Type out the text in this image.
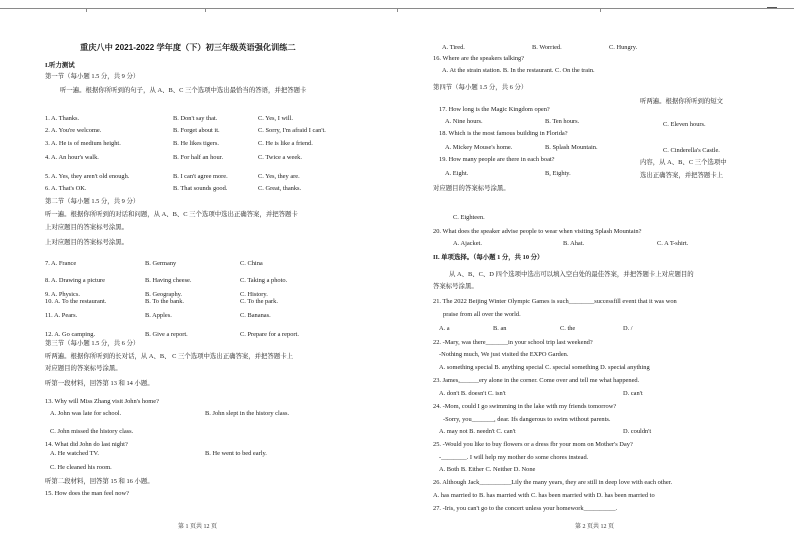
重庆八中 2021-2022 学年度（下）初三年级英语强化训练二
I.听力测试
第一节（每小题 1.5 分，共 9 分）
听一遍。根据你所听到的句子，从 A、B、C 三个选项中选出最恰当的答语，并把答题卡
1. A. Thanks.	B. Don't say that.	C. Yes, I will.
2. A. You're welcome.	B. Forget about it.	C. Sorry, I'm afraid I can't.
3. A. He is of medium height.	B. He likes tigers.	C. He is like a friend.
4. A. An hour's walk.	B. For half an hour.	C. Twice a week.
5. A. Yes, they aren't old enough.	B. I can't agree more.	C. Yes, they are.
6. A. That's OK.	B. That sounds good.	C. Great, thanks.
第二节（每小题 1.5 分，共 9 分）
听一遍。根据你所听到的对话和问题，从 A、B、C 三个选项中选出正确答案，并把答题卡
上对应题目的答案标号涂黑。
上对应题目的答案标号涂黑。
7. A. France	B. Germany	C. China
8. A. Drawing a picture	B. Having cheese.	C. Taking a photo.
9. A. Physics.	B. Geography.	C. History.
10. A. To the restaurant.	B. To the bank.	C. To the park.
11. A. Pears.	B. Apples.	C. Bananas.
12. A. Go camping.	B. Give a report.	C. Prepare for a report.
第三节（每小题 1.5 分，共 6 分）
听两遍。根据你所听到的长对话，从 A、B、 C 三个选项中选出正确答案，并把答题卡上
对应题目的答案标号涂黑。
听第一段材料，回答第 13 和 14 小题。
13. Why will Miss Zhang visit John's home?
A. John was late for school.	B. John slept in the history class.
C. John missed the history class.
14. What did John do last night?
A. He watched TV.	B. He went to bed early.
C. He cleaned his room.
听第二段材料，回答第 15 和 16 小题。
15. How does the man feel now?
第 1 页共 12 页
A. Tired.	B. Worried.	C. Hungry.
16. Where are the speakers talking?
A. At the strain station. B. In the restaurant. C. On the train.
第四节（每小题 1.5 分，共 6 分）
听两遍。根据你所听到的短文
17. How long is the Magic Kingdom open?
A. Nine hours.	B. Ten hours.	C. Eleven hours.
18. Which is the most famous building in Florida?
A. Mickey Mouse's home.	B. Splash Mountain.	C. Cinderella's Castle.
19. How many people are there in each boat?	内容，从 A、B、C 三个选项中
A. Eight.	B, Eighty.	选出正确答案，并把答题卡上
对应题目的答案标号涂黑。
C. Eighteen.
20. What does the speaker advise people to wear when visiting Splash Mountain?
A. Ajacket.	B. Ahat.	C. A T-shirt.
II. 单项选择。（每小题 1 分，共 10 分）
从 A、B、C、D 四个选项中选出可以填入空白处的最佳答案，并把答题卡上对应题目的
答案标号涂黑。
21. The 2022 Beijing Winter Olympic Games is such________successfill event that it was won
praise from all over the world.
A. a	B. an	C. the	D. /
22. -Mary, was there_______in your school trip last weekend?
-Nothing much, We just visited the EXPO Garden.
A. something special B. anything special C. special something D. special anything
23. James,______ery alone in the corner. Come over and tell me what happened.
A. don't B. doesn't C. isn't	D. can't
24. -Mom, could I go swimming in the lake with my friends tomorrow?
-Sorry, you_______, dear. Ifs dangerous to swim without parents.
A. may not B. needn't C. can't	D. couldn't
25. -Would you like to buy flowers or a dress fbr your mom on Mother's Day?
-________. I will help my mother do some chores instead.
A. Both B. Either C. Neither D. None
26. Although Jack__________Lily the many years, they are still in deep love with each other.
A. has married to B. has married with C. has been married with D. has been married to
27. -Iris, you can't go to the concert unless your homework__________.
第 2 页共 12 页
